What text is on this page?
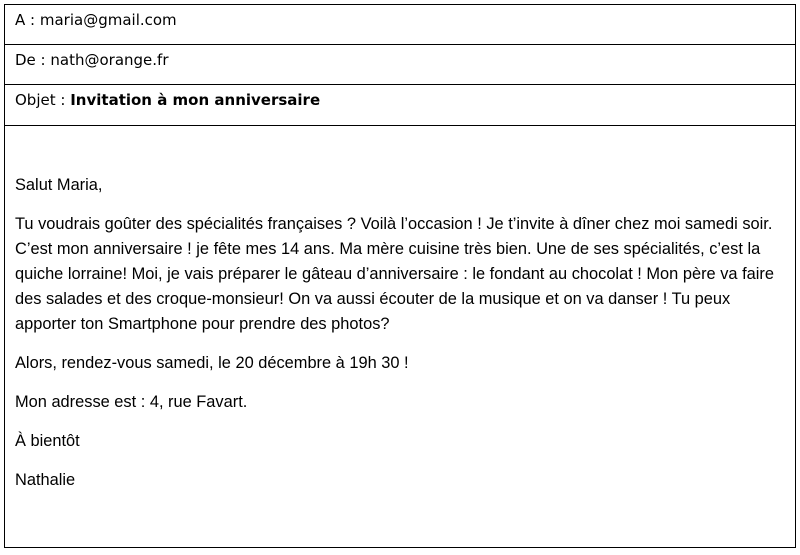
A : maria@gmail.com
De : nath@orange.fr
Objet : Invitation à mon anniversaire

Salut Maria,

Tu voudrais goûter des spécialités françaises ? Voilà l’occasion ! Je t’invite à dîner chez moi samedi soir. C’est mon anniversaire ! je fête mes 14 ans. Ma mère cuisine très bien. Une de ses spécialités, c’est la quiche lorraine! Moi, je vais préparer le gâteau d’anniversaire : le fondant au chocolat ! Mon père va faire des salades et des croque-monsieur! On va aussi écouter de la musique et on va danser ! Tu peux apporter ton Smartphone pour prendre des photos?

Alors, rendez-vous samedi, le 20 décembre à 19h 30 !

Mon adresse est : 4, rue Favart.

À bientôt

Nathalie
